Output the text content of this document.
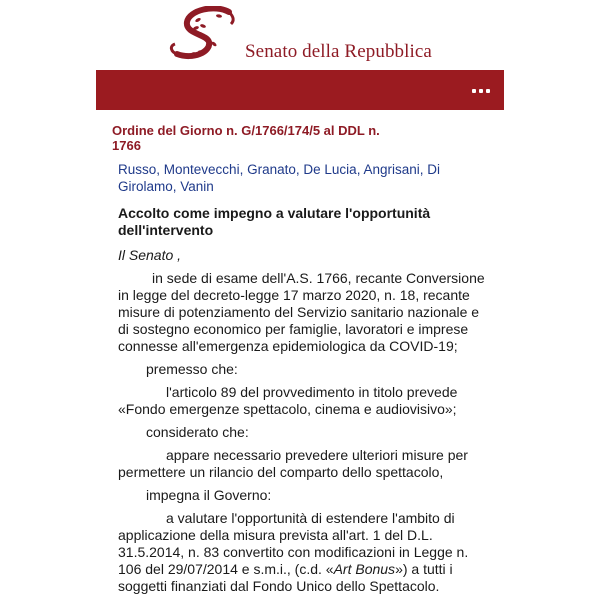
Senato della Repubblica
Ordine del Giorno n. G/1766/174/5 al DDL n.
1766
Russo, Montevecchi, Granato, De Lucia, Angrisani, Di Girolamo, Vanin
Accolto come impegno a valutare l'opportunità
dell'intervento
Il Senato ,
in sede di esame dell'A.S. 1766, recante Conversione in legge del decreto-legge 17 marzo 2020, n. 18, recante misure di potenziamento del Servizio sanitario nazionale e di sostegno economico per famiglie, lavoratori e imprese connesse all'emergenza epidemiologica da COVID-19;
premesso che:
l'articolo 89 del provvedimento in titolo prevede «Fondo emergenze spettacolo, cinema e audiovisivo»;
considerato che:
appare necessario prevedere ulteriori misure per permettere un rilancio del comparto dello spettacolo,
impegna il Governo:
a valutare l'opportunità di estendere l'ambito di applicazione della misura prevista all'art. 1 del D.L. 31.5.2014, n. 83 convertito con modificazioni in Legge n. 106 del 29/07/2014 e s.m.i., (c.d. «Art Bonus») a tutti i soggetti finanziati dal Fondo Unico dello Spettacolo.
